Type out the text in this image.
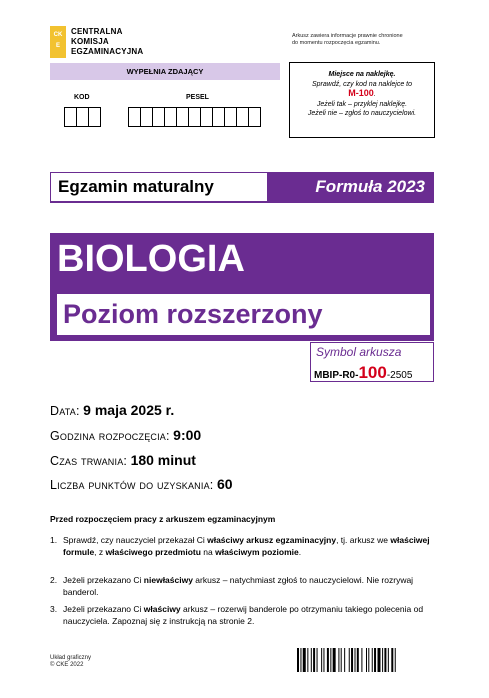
CK
E
CENTRALNA
KOMISJA
EGZAMINACYJNA
Arkusz zawiera informacje prawnie chronione
do momentu rozpoczęcia egzaminu.
WYPEŁNIA ZDAJĄCY
KOD	PESEL
Miejsce na naklejkę.
Sprawdź, czy kod na naklejce to
M-100.
Jeżeli tak – przyklej naklejkę.
Jeżeli nie – zgłoś to nauczycielowi.
Egzamin maturalny	Formuła 2023
BIOLOGIA
Poziom rozszerzony
Symbol arkusza
MBIP-R0-100-2505
Data: 9 maja 2025 r.
Godzina rozpoczęcia: 9:00
Czas trwania: 180 minut
Liczba punktów do uzyskania: 60
Przed rozpoczęciem pracy z arkuszem egzaminacyjnym
1. Sprawdź, czy nauczyciel przekazał Ci właściwy arkusz egzaminacyjny, tj. arkusz we właściwej formule, z właściwego przedmiotu na właściwym poziomie.
2. Jeżeli przekazano Ci niewłaściwy arkusz – natychmiast zgłoś to nauczycielowi. Nie rozrywaj banderol.
3. Jeżeli przekazano Ci właściwy arkusz – rozerwij banderole po otrzymaniu takiego polecenia od nauczyciela. Zapoznaj się z instrukcją na stronie 2.
Układ graficzny
© CKE 2022
